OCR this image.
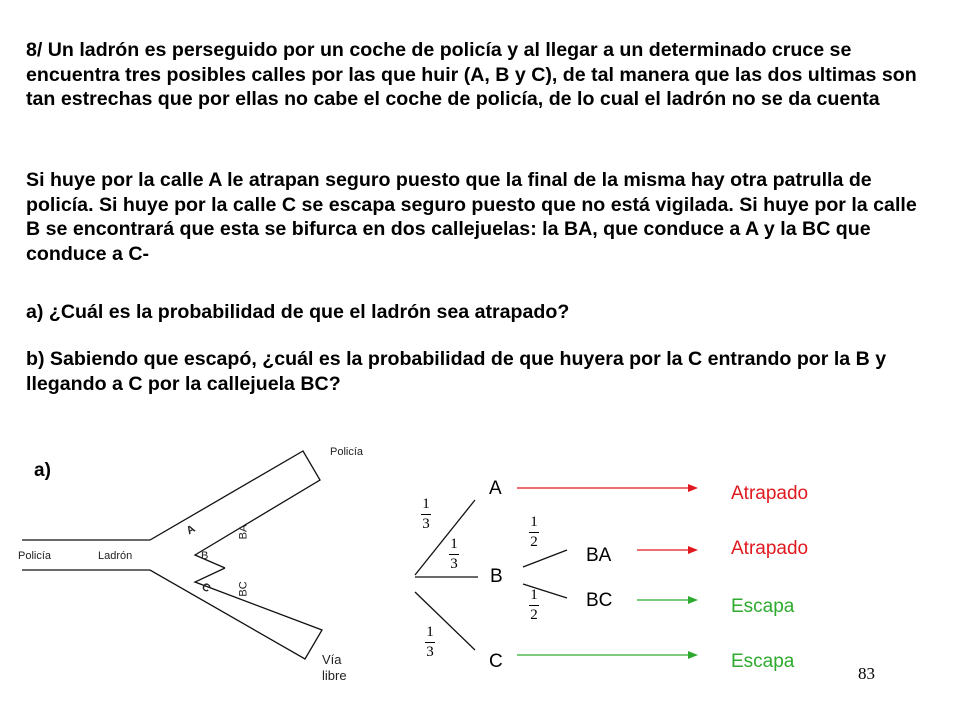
8/ Un ladrón es perseguido por un coche de policía y al llegar a un determinado cruce se encuentra tres posibles calles por las que huir (A, B y C), de tal manera que las dos ultimas son tan estrechas que por ellas no cabe el coche de policía, de lo cual el ladrón no se da cuenta

Si huye por la calle A le atrapan seguro puesto que la final de la misma hay otra patrulla de policía. Si huye por la calle C se escapa seguro puesto que no está vigilada. Si huye por la calle B se encontrará que esta se bifurca en dos callejuelas: la BA, que conduce a A y la BC que conduce a C-

a) ¿Cuál es la probabilidad de que el ladrón sea atrapado?

b) Sabiendo que escapó, ¿cuál es la probabilidad de que huyera por la C entrando por la B y llegando a C por la callejuela BC?

a)
Policía
Policía	Ladrón	B
A
C
BA
BC
Vía
libre
A
B
C
BA
BC
1
3
1
3
1
3
1
2
1
2
Atrapado
Atrapado
Escapa
Escapa
83
